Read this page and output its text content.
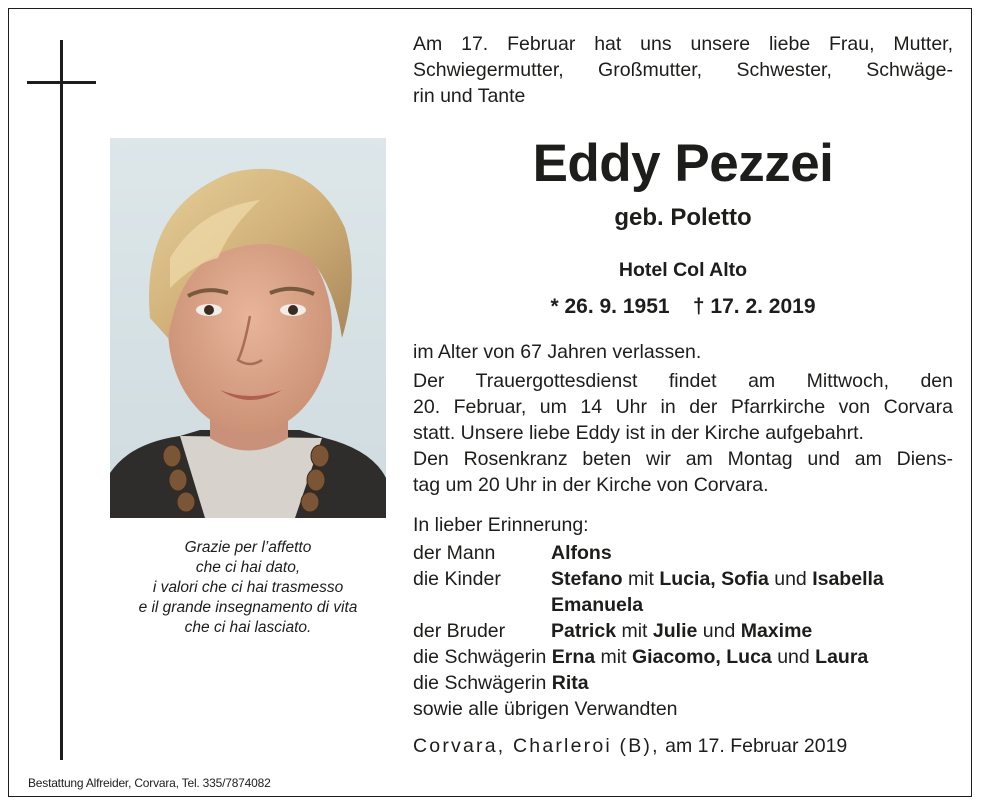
Grazie per l’affetto
che ci hai dato,
i valori che ci hai trasmesso
e il grande insegnamento di vita
che ci hai lasciato.
Bestattung Alfreider, Corvara, Tel. 335/7874082
Am 17. Februar hat uns unsere liebe Frau, Mutter,
Schwiegermutter, Großmutter, Schwester, Schwäge-
rin und Tante
Eddy Pezzei
geb. Poletto
Hotel Col Alto
* 26. 9. 1951    † 17. 2. 2019
im Alter von 67 Jahren verlassen.
Der Trauergottesdienst findet am Mittwoch, den
20. Februar, um 14 Uhr in der Pfarrkirche von Corvara
statt. Unsere liebe Eddy ist in der Kirche aufgebahrt.
Den Rosenkranz beten wir am Montag und am Diens-
tag um 20 Uhr in der Kirche von Corvara.
In lieber Erinnerung:
der Mann	Alfons
die Kinder	Stefano mit Lucia, Sofia und Isabella
Emanuela
der Bruder Patrick mit Julie und Maxime
die Schwägerin Erna mit Giacomo, Luca und Laura
die Schwägerin Rita
sowie alle übrigen Verwandten
Corvara, Charleroi (B), am 17. Februar 2019
